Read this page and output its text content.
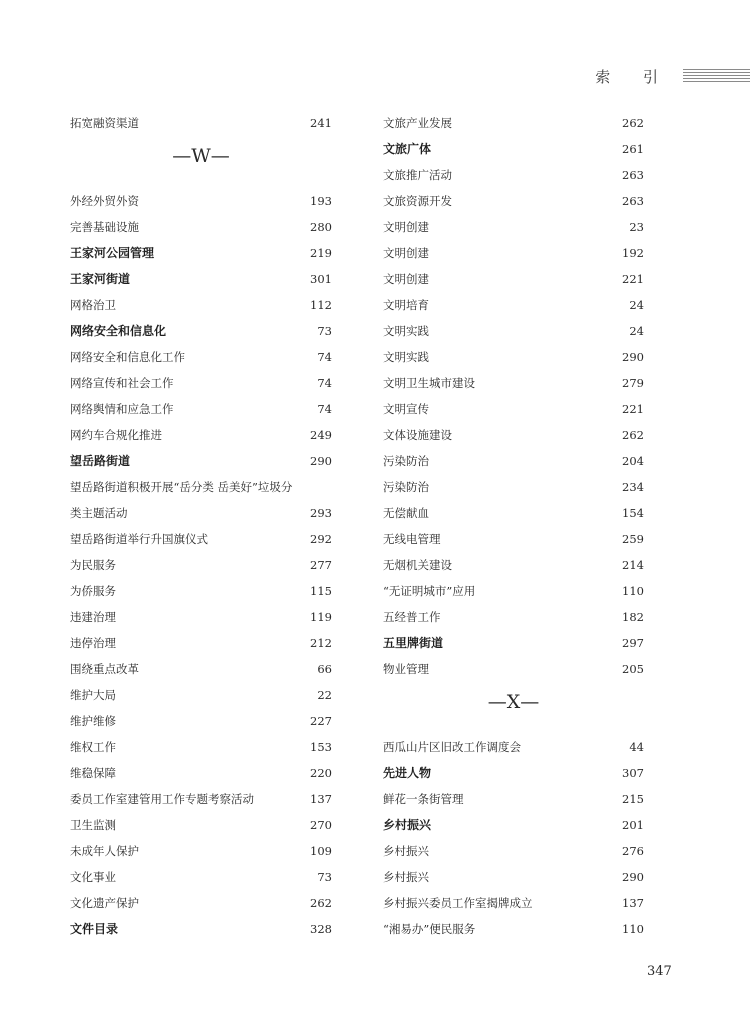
索 引
拓宽融资渠道	241
—W—
外经外贸外资	193
完善基础设施	280
王家河公园管理	219
王家河街道	301
网格治卫	112
网络安全和信息化	73
网络安全和信息化工作	74
网络宣传和社会工作	74
网络舆情和应急工作	74
网约车合规化推进	249
望岳路街道	290
望岳路街道积极开展“岳分类 岳美好”垃圾分
类主题活动	293
望岳路街道举行升国旗仪式	292
为民服务	277
为侨服务	115
违建治理	119
违停治理	212
围绕重点改革	66
维护大局	22
维护维修	227
维权工作	153
维稳保障	220
委员工作室建管用工作专题考察活动	137
卫生监测	270
未成年人保护	109
文化事业	73
文化遗产保护	262
文件目录	328
文旅产业发展	262
文旅广体	261
文旅推广活动	263
文旅资源开发	263
文明创建	23
文明创建	192
文明创建	221
文明培育	24
文明实践	24
文明实践	290
文明卫生城市建设	279
文明宣传	221
文体设施建设	262
污染防治	204
污染防治	234
无偿献血	154
无线电管理	259
无烟机关建设	214
“无证明城市”应用	110
五经普工作	182
五里牌街道	297
物业管理	205
—X—
西瓜山片区旧改工作调度会	44
先进人物	307
鲜花一条街管理	215
乡村振兴	201
乡村振兴	276
乡村振兴	290
乡村振兴委员工作室揭牌成立	137
“湘易办”便民服务	110
347
